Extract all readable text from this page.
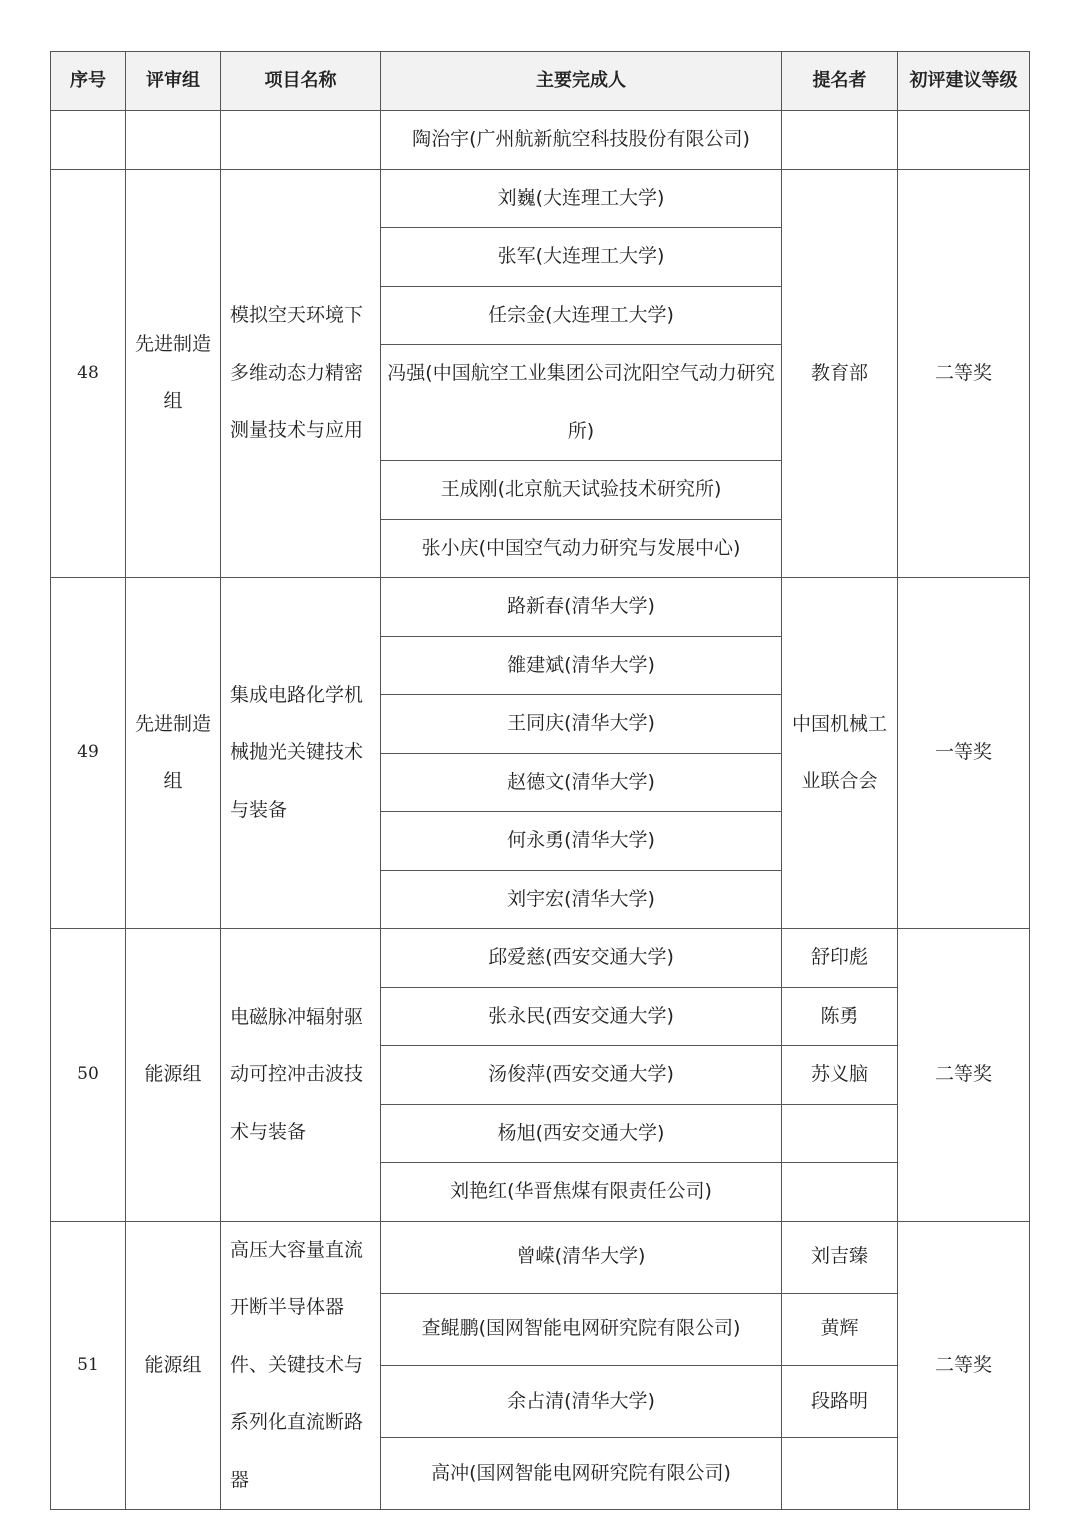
序号	评审组	项目名称	主要完成人	提名者	初评建议等级
			陶治宇(广州航新航空科技股份有限公司)		
48	先进制造组	模拟空天环境下多维动态力精密测量技术与应用	刘巍(大连理工大学)	教育部	二等奖
			张军(大连理工大学)		
			任宗金(大连理工大学)		
			冯强(中国航空工业集团公司沈阳空气动力研究所)		

			王成刚(北京航天试验技术研究所)		
			张小庆(中国空气动力研究与发展中心)		
49	先进制造组	集成电路化学机械抛光关键技术与装备	路新春(清华大学)	中国机械工业联合会	一等奖
			雒建斌(清华大学)		
			王同庆(清华大学)		
			赵德文(清华大学)		
			何永勇(清华大学)		
			刘宇宏(清华大学)		
50	能源组	电磁脉冲辐射驱动可控冲击波技术与装备	邱爱慈(西安交通大学)	舒印彪	二等奖
			张永民(西安交通大学)	陈勇	
			汤俊萍(西安交通大学)	苏义脑	
			杨旭(西安交通大学)		
			刘艳红(华晋焦煤有限责任公司)		
51	能源组	高压大容量直流开断半导体器件、关键技术与系列化直流断路器	曾嵘(清华大学)	刘吉臻	二等奖
			查鲲鹏(国网智能电网研究院有限公司)	黄辉	
			余占清(清华大学)	段路明	
			高冲(国网智能电网研究院有限公司)		
